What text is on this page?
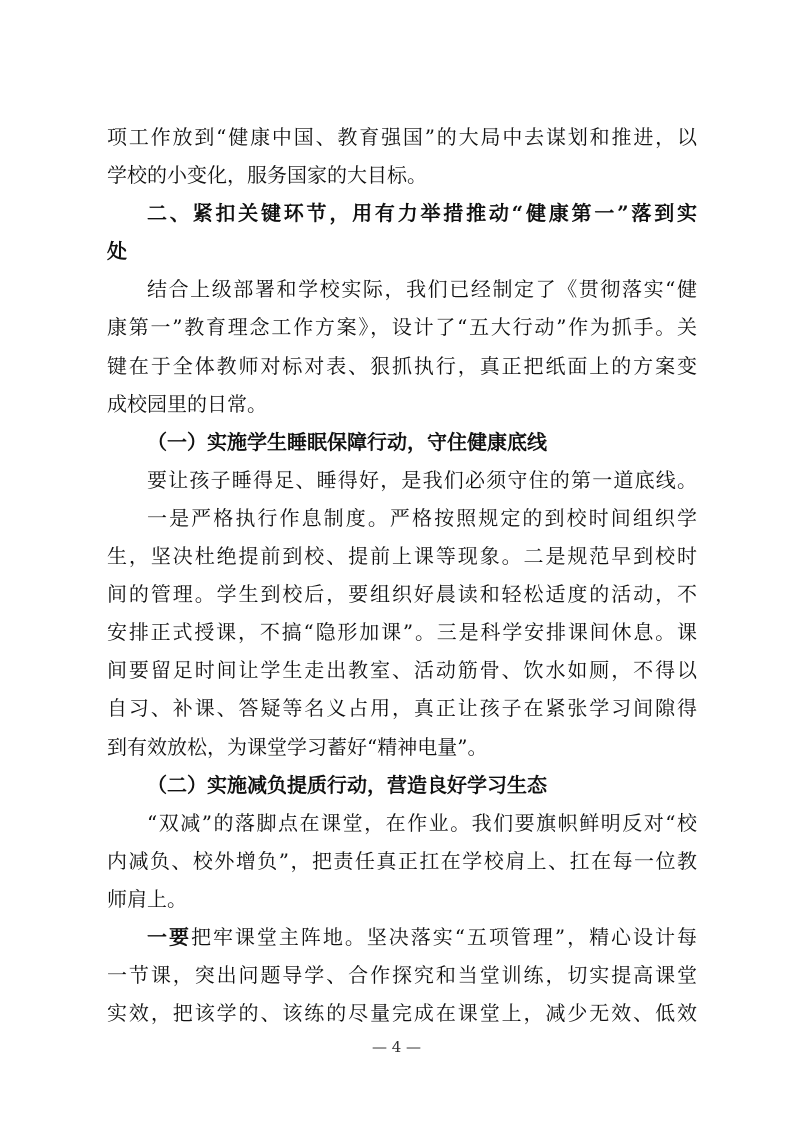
项工作放到“健康中国、教育强国”的大局中去谋划和推进，以
学校的小变化，服务国家的大目标。
二、紧扣关键环节，用有力举措推动“健康第一”落到实
处
结合上级部署和学校实际，我们已经制定了《贯彻落实“健
康第一”教育理念工作方案》，设计了“五大行动”作为抓手。关
键在于全体教师对标对表、狠抓执行，真正把纸面上的方案变
成校园里的日常。
（一）实施学生睡眠保障行动，守住健康底线
要让孩子睡得足、睡得好，是我们必须守住的第一道底线。
一是严格执行作息制度。严格按照规定的到校时间组织学
生，坚决杜绝提前到校、提前上课等现象。二是规范早到校时
间的管理。学生到校后，要组织好晨读和轻松适度的活动，不
安排正式授课，不搞“隐形加课”。三是科学安排课间休息。课
间要留足时间让学生走出教室、活动筋骨、饮水如厕，不得以
自习、补课、答疑等名义占用，真正让孩子在紧张学习间隙得
到有效放松，为课堂学习蓄好“精神电量”。
（二）实施减负提质行动，营造良好学习生态
“双减”的落脚点在课堂，在作业。我们要旗帜鲜明反对“校
内减负、校外增负”，把责任真正扛在学校肩上、扛在每一位教
师肩上。
一要把牢课堂主阵地。坚决落实“五项管理”，精心设计每
一节课，突出问题导学、合作探究和当堂训练，切实提高课堂
实效，把该学的、该练的尽量完成在课堂上，减少无效、低效
— 4 —
